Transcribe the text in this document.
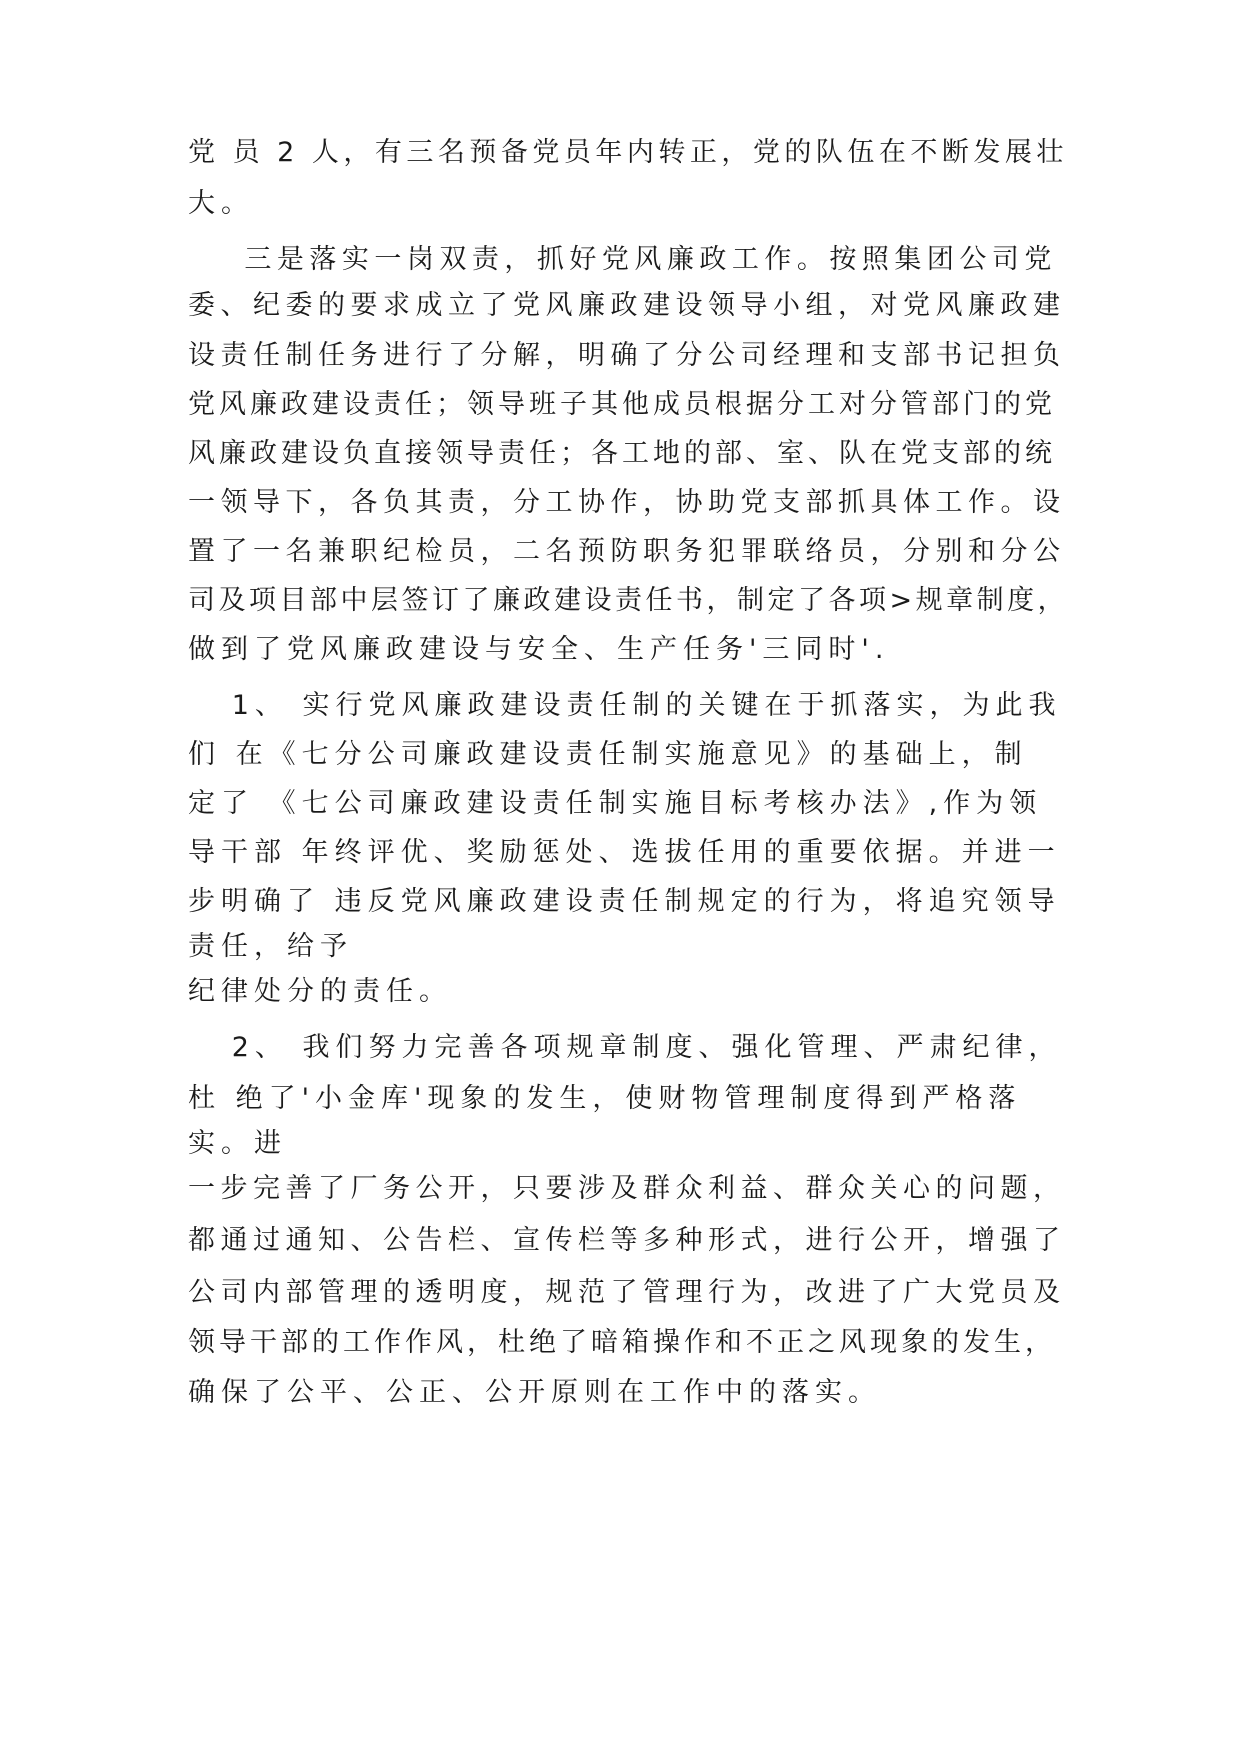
党 员 2 人，有三名预备党员年内转正，党的队伍在不断发展壮
大。
三是落实一岗双责，抓好党风廉政工作。按照集团公司党
委、纪委的要求成立了党风廉政建设领导小组，对党风廉政建
设责任制任务进行了分解，明确了分公司经理和支部书记担负
党风廉政建设责任；领导班子其他成员根据分工对分管部门的党
风廉政建设负直接领导责任；各工地的部、室、队在党支部的统
一领导下，各负其责，分工协作，协助党支部抓具体工作。设
置了一名兼职纪检员，二名预防职务犯罪联络员，分别和分公
司及项目部中层签订了廉政建设责任书，制定了各项>规章制度，
做到了党风廉政建设与安全、生产任务'三同时'.
1、 实行党风廉政建设责任制的关键在于抓落实，为此我
们 在《七分公司廉政建设责任制实施意见》的基础上，制
定了 《七公司廉政建设责任制实施目标考核办法》,作为领
导干部 年终评优、奖励惩处、选拔任用的重要依据。并进一
步明确了 违反党风廉政建设责任制规定的行为，将追究领导
责任，给予
纪律处分的责任。
2、 我们努力完善各项规章制度、强化管理、严肃纪律，
杜 绝了'小金库'现象的发生，使财物管理制度得到严格落
实。进
一步完善了厂务公开，只要涉及群众利益、群众关心的问题，
都通过通知、公告栏、宣传栏等多种形式，进行公开，增强了
公司内部管理的透明度，规范了管理行为，改进了广大党员及
领导干部的工作作风，杜绝了暗箱操作和不正之风现象的发生，
确保了公平、公正、公开原则在工作中的落实。
